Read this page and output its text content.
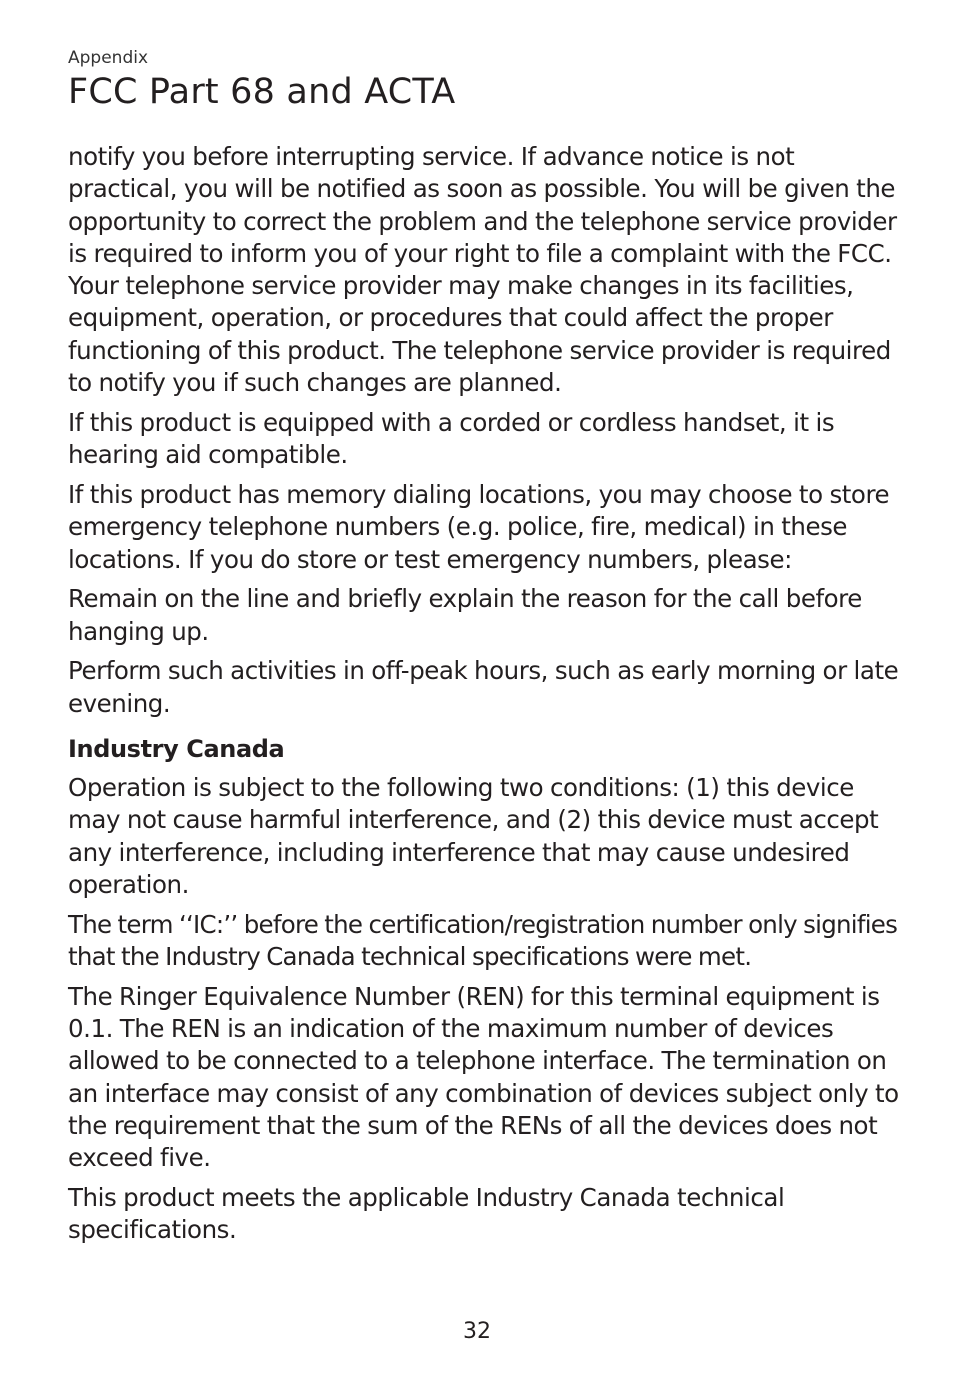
Appendix

FCC Part 68 and ACTA

notify you before interrupting service. If advance notice is not practical, you will be notified as soon as possible. You will be given the opportunity to correct the problem and the telephone service provider is required to inform you of your right to file a complaint with the FCC. Your telephone service provider may make changes in its facilities, equipment, operation, or procedures that could affect the proper functioning of this product. The telephone service provider is required to notify you if such changes are planned.

If this product is equipped with a corded or cordless handset, it is hearing aid compatible.

If this product has memory dialing locations, you may choose to store emergency telephone numbers (e.g. police, fire, medical) in these locations. If you do store or test emergency numbers, please:

Remain on the line and briefly explain the reason for the call before hanging up.

Perform such activities in off-peak hours, such as early morning or late evening.

Industry Canada

Operation is subject to the following two conditions: (1) this device may not cause harmful interference, and (2) this device must accept any interference, including interference that may cause undesired operation.

The term ‘‘IC:’’ before the certification/registration number only signifies that the Industry Canada technical specifications were met.

The Ringer Equivalence Number (REN) for this terminal equipment is 0.1. The REN is an indication of the maximum number of devices allowed to be connected to a telephone interface. The termination on an interface may consist of any combination of devices subject only to the requirement that the sum of the RENs of all the devices does not exceed five.

This product meets the applicable Industry Canada technical specifications.

32
